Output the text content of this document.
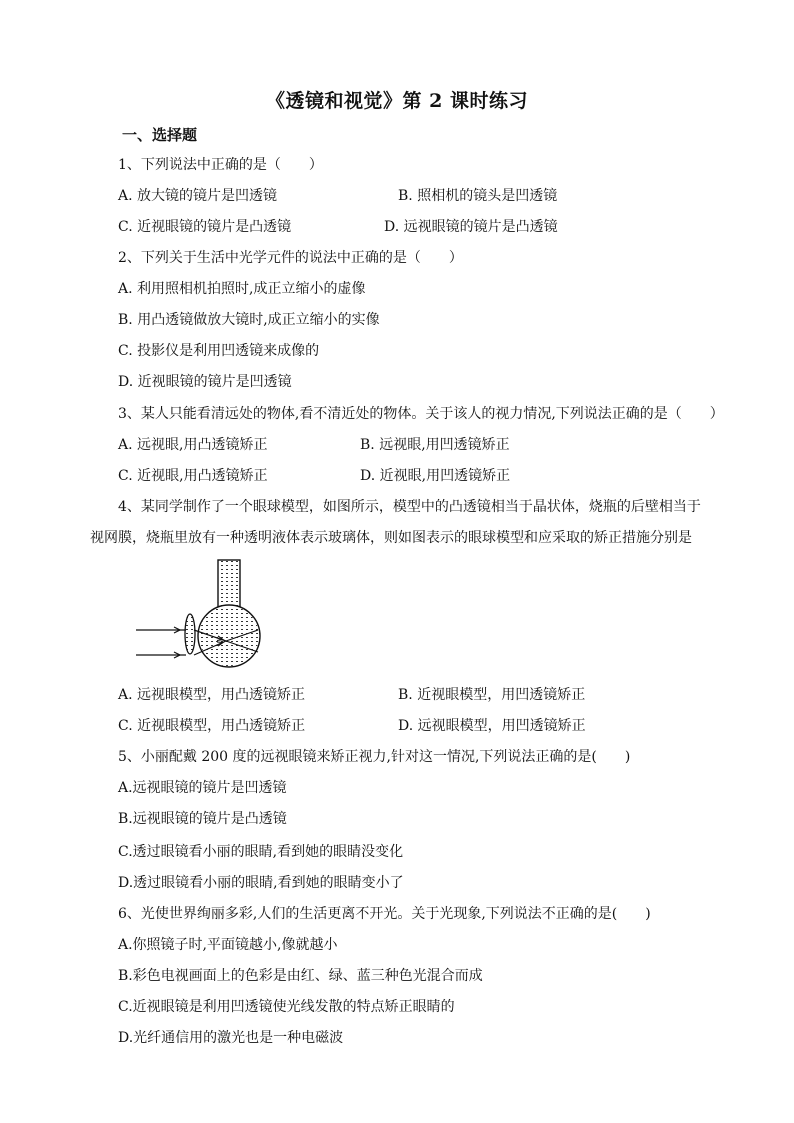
《透镜和视觉》第 2 课时练习
一、选择题
1、下列说法中正确的是（　　）
A. 放大镜的镜片是凹透镜	B. 照相机的镜头是凹透镜
C. 近视眼镜的镜片是凸透镜	D. 远视眼镜的镜片是凸透镜
2、下列关于生活中光学元件的说法中正确的是（　　）
A. 利用照相机拍照时,成正立缩小的虚像
B. 用凸透镜做放大镜时,成正立缩小的实像
C. 投影仪是利用凹透镜来成像的
D. 近视眼镜的镜片是凹透镜
3、某人只能看清远处的物体,看不清近处的物体。关于该人的视力情况,下列说法正确的是（　　）
A. 远视眼,用凸透镜矫正	B. 远视眼,用凹透镜矫正
C. 近视眼,用凸透镜矫正	D. 近视眼,用凹透镜矫正
4、某同学制作了一个眼球模型，如图所示，模型中的凸透镜相当于晶状体，烧瓶的后壁相当于
视网膜，烧瓶里放有一种透明液体表示玻璃体，则如图表示的眼球模型和应采取的矫正措施分别是
A. 远视眼模型，用凸透镜矫正	B. 近视眼模型，用凹透镜矫正
C. 近视眼模型，用凸透镜矫正	D. 远视眼模型，用凹透镜矫正
5、小丽配戴 200 度的远视眼镜来矫正视力,针对这一情况,下列说法正确的是(　　)
A.远视眼镜的镜片是凹透镜
B.远视眼镜的镜片是凸透镜
C.透过眼镜看小丽的眼睛,看到她的眼睛没变化
D.透过眼镜看小丽的眼睛,看到她的眼睛变小了
6、光使世界绚丽多彩,人们的生活更离不开光。关于光现象,下列说法不正确的是(　　)
A.你照镜子时,平面镜越小,像就越小
B.彩色电视画面上的色彩是由红、绿、蓝三种色光混合而成
C.近视眼镜是利用凹透镜使光线发散的特点矫正眼睛的
D.光纤通信用的激光也是一种电磁波
